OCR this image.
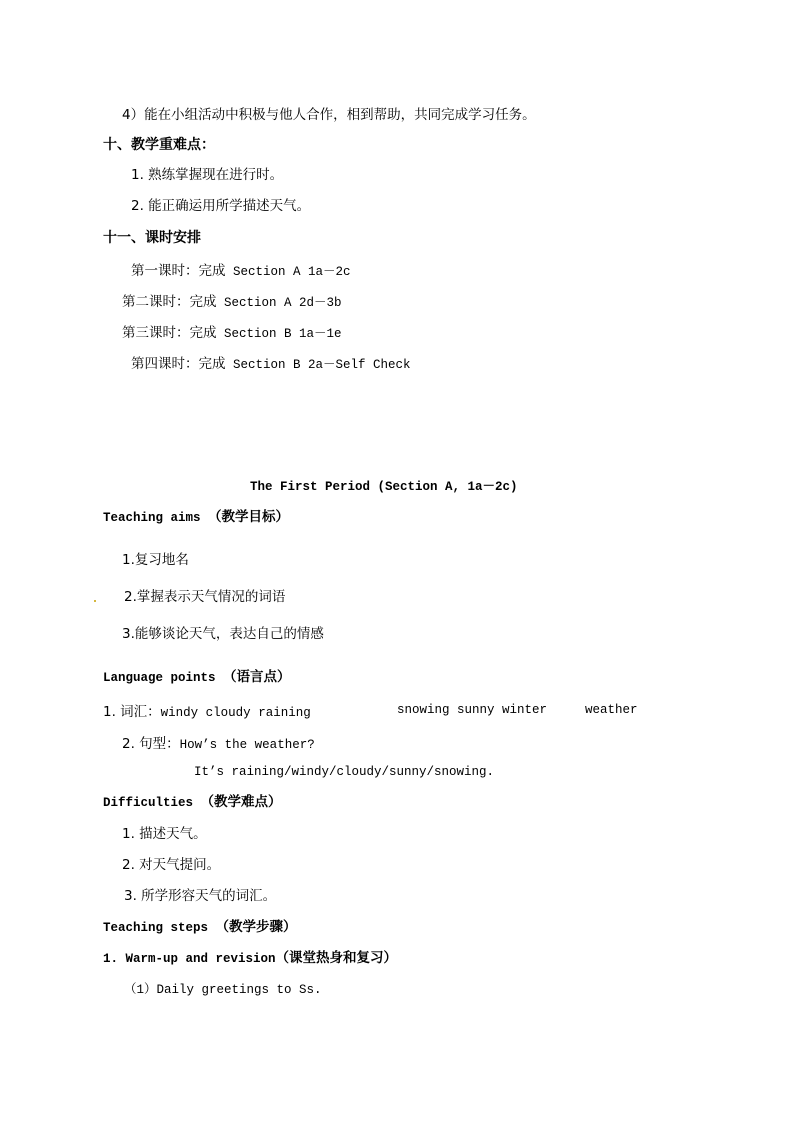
4）能在小组活动中积极与他人合作，相到帮助，共同完成学习任务。
十、教学重难点：
1. 熟练掌握现在进行时。
2. 能正确运用所学描述天气。
十一、课时安排
第一课时：完成 Section A 1a－2c
第二课时：完成 Section A 2d－3b
第三课时：完成 Section B 1a－1e
第四课时：完成 Section B 2a－Self Check
The First Period (Section A, 1a－2c)
Teaching aims （教学目标）
1.复习地名
2.掌握表示天气情况的词语
3.能够谈论天气，表达自己的情感
Language points （语言点）
1. 词汇：windy cloudy raining	snowing sunny winter	weather
2. 句型：How’s the weather?
It’s raining/windy/cloudy/sunny/snowing.
Difficulties （教学难点）
1. 描述天气。
2. 对天气提问。
3. 所学形容天气的词汇。
Teaching steps （教学步骤）
1. Warm-up and revision（课堂热身和复习）
（1）Daily greetings to Ss.
